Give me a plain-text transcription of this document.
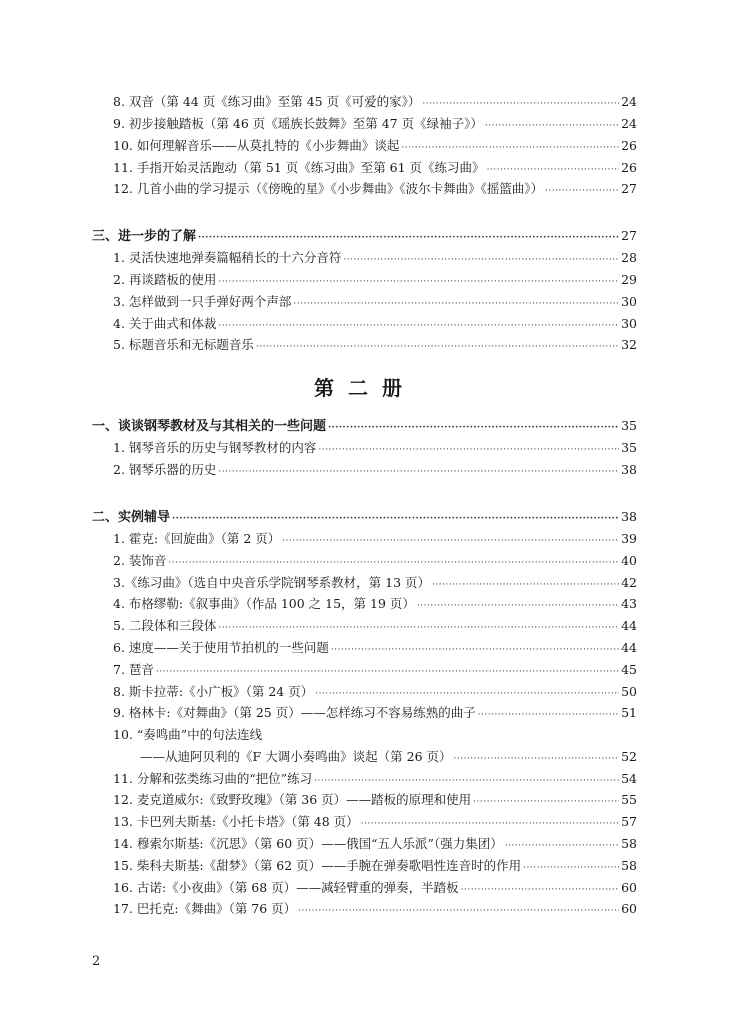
8. 双音（第 44 页《练习曲》至第 45 页《可爱的家》） ·····	24
9. 初步接触踏板（第 46 页《瑶族长鼓舞》至第 47 页《绿袖子》） ·····	24
10. 如何理解音乐——从莫扎特的《小步舞曲》谈起 ·····	26
11. 手指开始灵活跑动（第 51 页《练习曲》至第 61 页《练习曲》 ·····	26
12. 几首小曲的学习提示（《傍晚的星》《小步舞曲》《波尔卡舞曲》《摇篮曲》） ·····	27
三、进一步的了解 ·····	27
1. 灵活快速地弹奏篇幅稍长的十六分音符 ·····	28
2. 再谈踏板的使用 ·····	29
3. 怎样做到一只手弹好两个声部 ·····	30
4. 关于曲式和体裁 ·····	30
5. 标题音乐和无标题音乐 ·····	32
第二册
一、谈谈钢琴教材及与其相关的一些问题 ·····	35
1. 钢琴音乐的历史与钢琴教材的内容 ·····	35
2. 钢琴乐器的历史 ·····	38
二、实例辅导 ·····	38
1. 霍克:《回旋曲》（第 2 页） ·····	39
2. 装饰音 ·····	40
3.《练习曲》（选自中央音乐学院钢琴系教材，第 13 页） ·····	42
4. 布格缪勒:《叙事曲》（作品 100 之 15，第 19 页） ·····	43
5. 二段体和三段体 ·····	44
6. 速度——关于使用节拍机的一些问题 ·····	44
7. 琶音 ·····	45
8. 斯卡拉蒂:《小广板》（第 24 页） ·····	50
9. 格林卡:《对舞曲》（第 25 页）——怎样练习不容易练熟的曲子 ·····	51
10. “奏鸣曲”中的句法连线
——从迪阿贝利的《F 大调小奏鸣曲》谈起（第 26 页） ·····	52
11. 分解和弦类练习曲的“把位”练习 ·····	54
12. 麦克道威尔:《致野玫瑰》（第 36 页）——踏板的原理和使用 ·····	55
13. 卡巴列夫斯基:《小托卡塔》（第 48 页） ·····	57
14. 穆索尔斯基:《沉思》（第 60 页）——俄国“五人乐派”（强力集团） ·····	58
15. 柴科夫斯基:《甜梦》（第 62 页）——手腕在弹奏歌唱性连音时的作用 ·····	58
16. 古诺:《小夜曲》（第 68 页）——减轻臂重的弹奏，半踏板 ·····	60
17. 巴托克:《舞曲》（第 76 页） ·····	60
2
